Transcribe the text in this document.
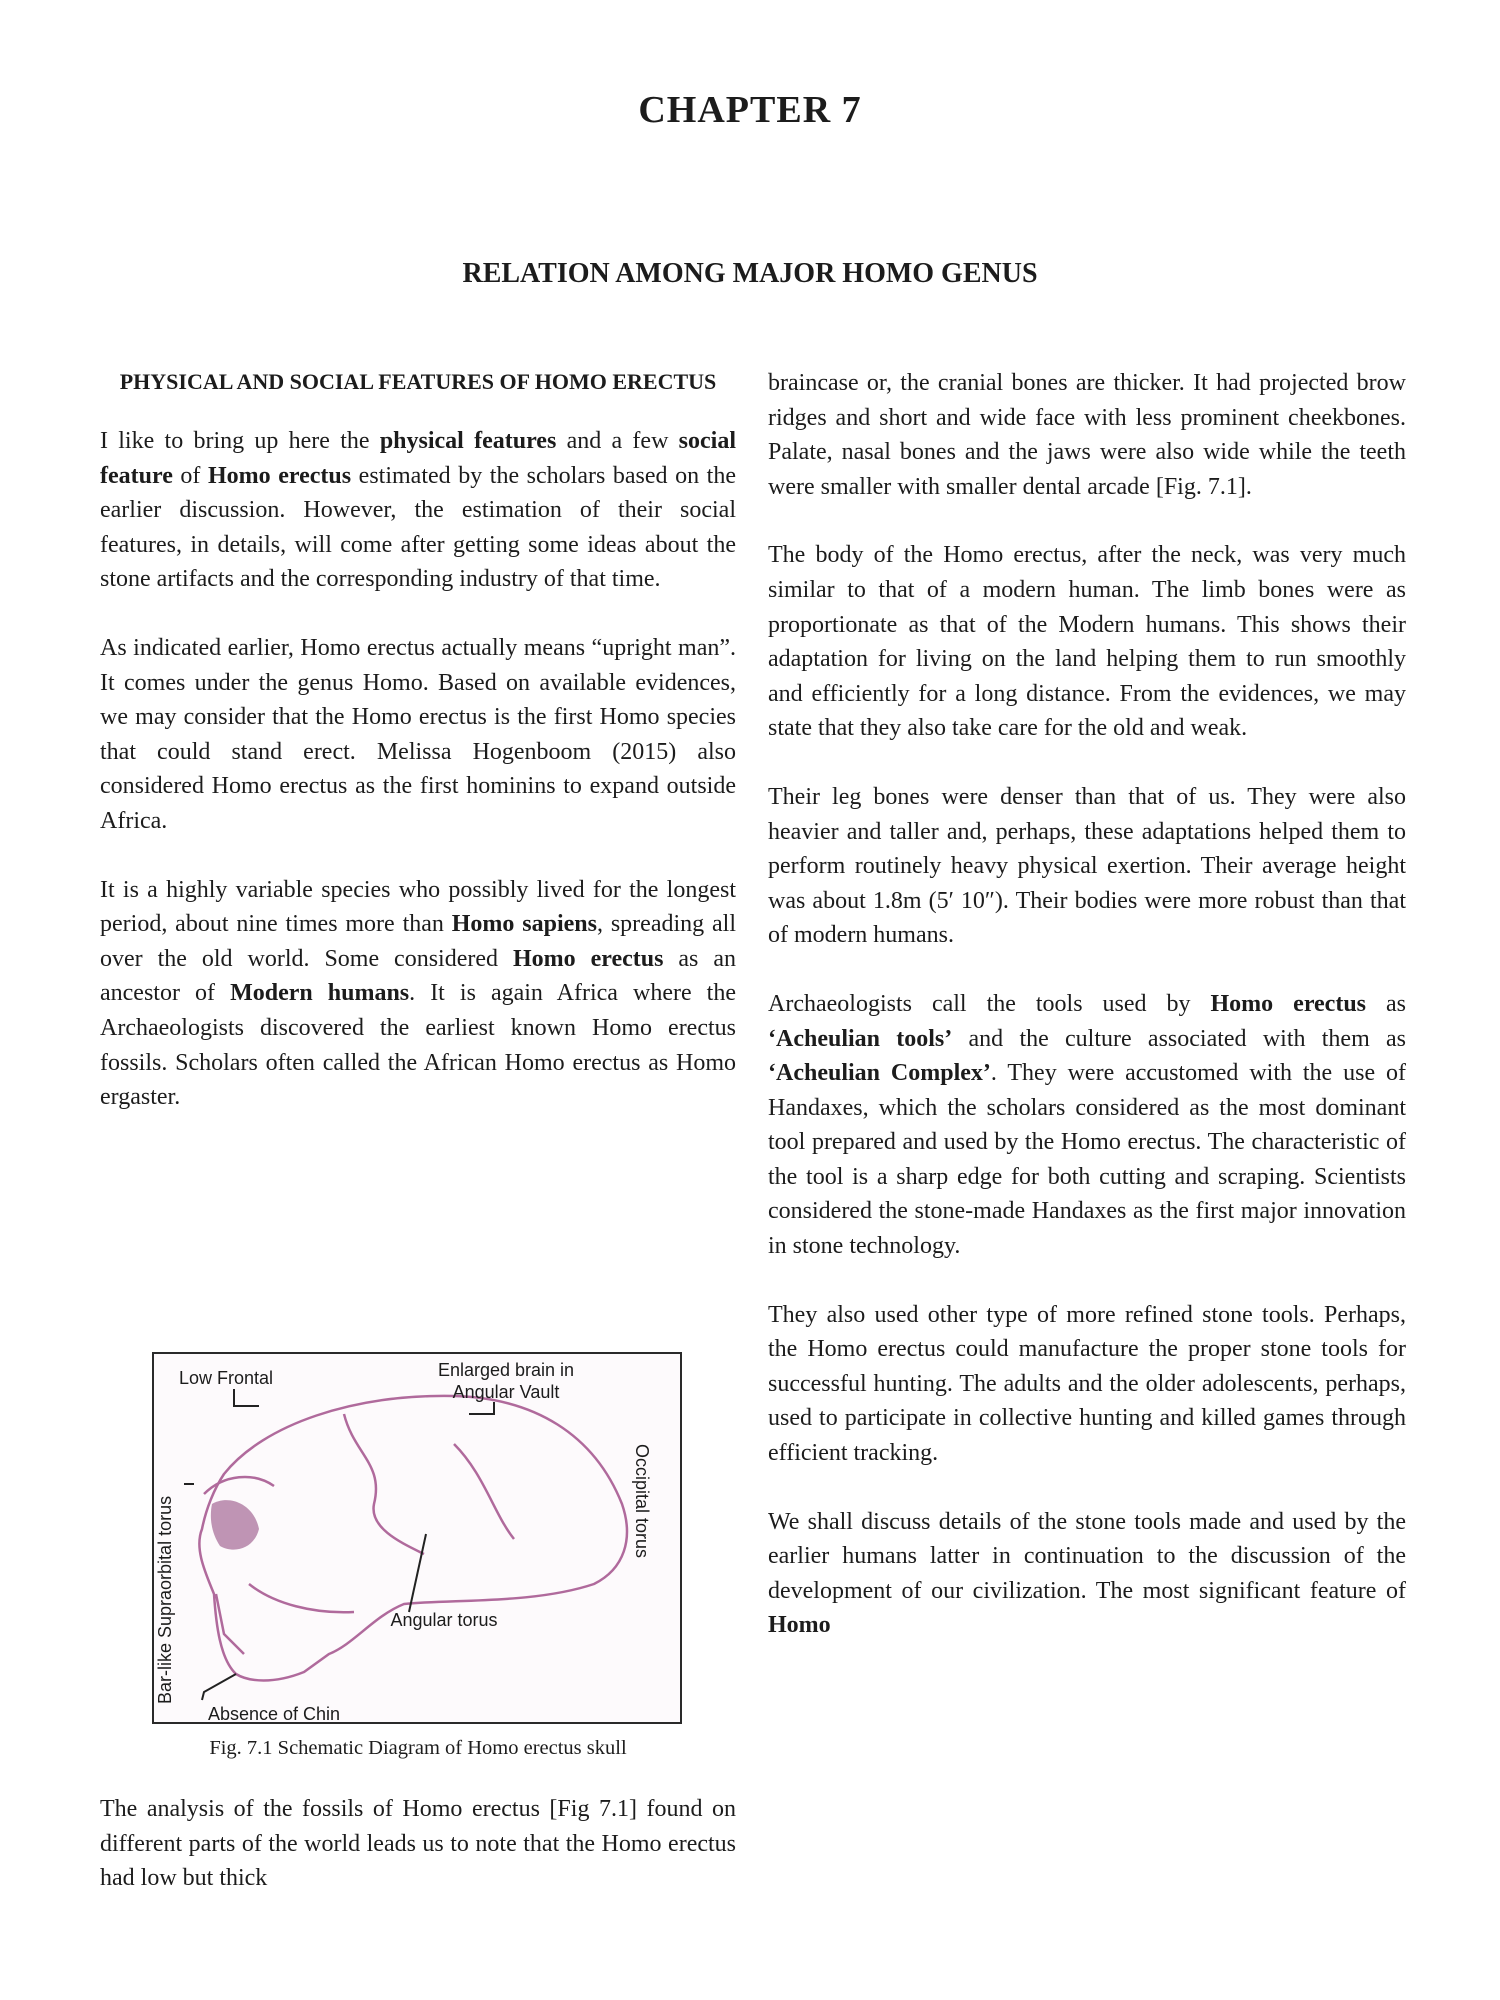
CHAPTER 7
RELATION AMONG MAJOR HOMO GENUS
PHYSICAL AND SOCIAL FEATURES OF HOMO ERECTUS

I like to bring up here the physical features and a few social feature of Homo erectus estimated by the scholars based on the earlier discussion. However, the estimation of their social features, in details, will come after getting some ideas about the stone artifacts and the corresponding industry of that time.

As indicated earlier, Homo erectus actually means “upright man”. It comes under the genus Homo. Based on available evidences, we may consider that the Homo erectus is the first Homo species that could stand erect. Melissa Hogenboom (2015) also considered Homo erectus as the first hominins to expand outside Africa.

It is a highly variable species who possibly lived for the longest period, about nine times more than Homo sapiens, spreading all over the old world. Some considered Homo erectus as an ancestor of Modern humans. It is again Africa where the Archaeologists discovered the earliest known Homo erectus fossils. Scholars often called the African Homo erectus as Homo ergaster.

Low Frontal	Enlarged brain in
Angular Vault
Angular torus
Absence of Chin
Bar-like Supraorbital torus	Occipital torus
Fig. 7.1 Schematic Diagram of Homo erectus skull

The analysis of the fossils of Homo erectus [Fig 7.1] found on different parts of the world leads us to note that the Homo erectus had low but thick

braincase or, the cranial bones are thicker. It had projected brow ridges and short and wide face with less prominent cheekbones. Palate, nasal bones and the jaws were also wide while the teeth were smaller with smaller dental arcade [Fig. 7.1].

The body of the Homo erectus, after the neck, was very much similar to that of a modern human. The limb bones were as proportionate as that of the Modern humans. This shows their adaptation for living on the land helping them to run smoothly and efficiently for a long distance. From the evidences, we may state that they also take care for the old and weak.

Their leg bones were denser than that of us. They were also heavier and taller and, perhaps, these adaptations helped them to perform routinely heavy physical exertion. Their average height was about 1.8m (5′ 10″). Their bodies were more robust than that of modern humans.

Archaeologists call the tools used by Homo erectus as ‘Acheulian tools’ and the culture associated with them as ‘Acheulian Complex’. They were accustomed with the use of Handaxes, which the scholars considered as the most dominant tool prepared and used by the Homo erectus. The characteristic of the tool is a sharp edge for both cutting and scraping. Scientists considered the stone-made Handaxes as the first major innovation in stone technology.

They also used other type of more refined stone tools. Perhaps, the Homo erectus could manufacture the proper stone tools for successful hunting. The adults and the older adolescents, perhaps, used to participate in collective hunting and killed games through efficient tracking.

We shall discuss details of the stone tools made and used by the earlier humans latter in continuation to the discussion of the development of our civilization. The most significant feature of Homo
